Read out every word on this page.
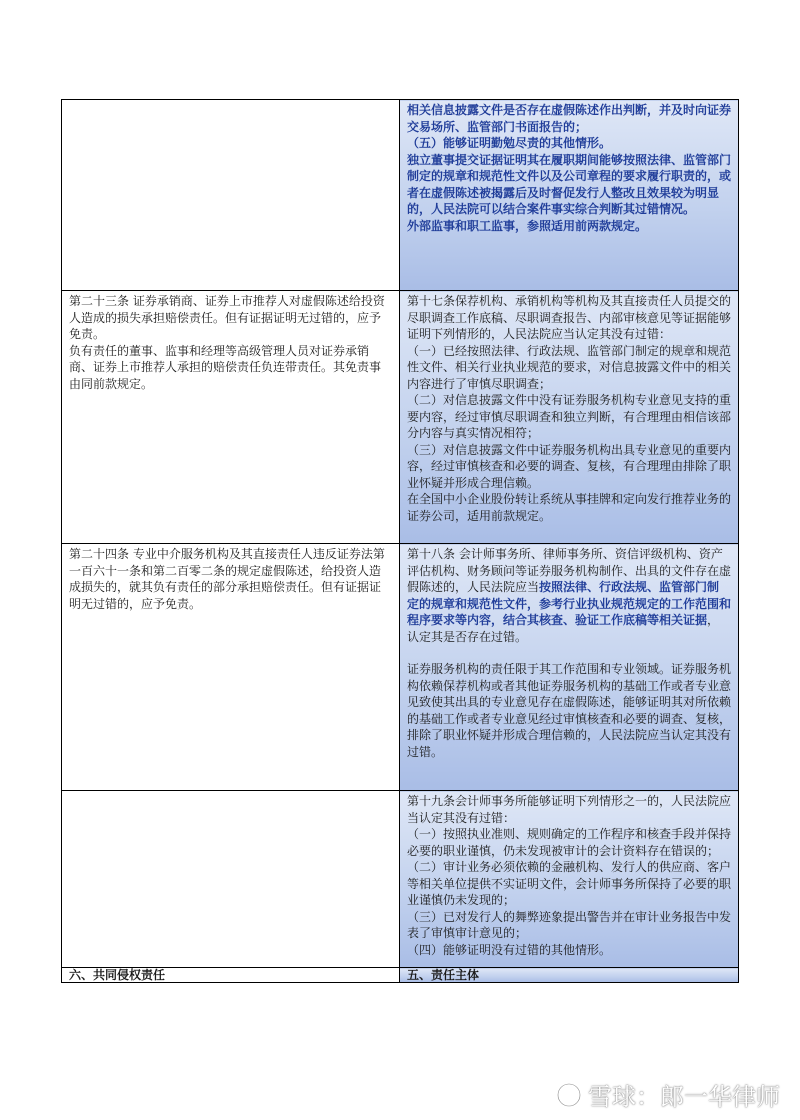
	相关信息披露文件是否存在虚假陈述作出判断，并及时向证券交易场所、监管部门书面报告的；
（五）能够证明勤勉尽责的其他情形。
独立董事提交证据证明其在履职期间能够按照法律、监管部门制定的规章和规范性文件以及公司章程的要求履行职责的，或者在虚假陈述被揭露后及时督促发行人整改且效果较为明显的，人民法院可以结合案件事实综合判断其过错情况。
外部监事和职工监事，参照适用前两款规定。

第二十三条 证券承销商、证券上市推荐人对虚假陈述给投资人造成的损失承担赔偿责任。但有证据证明无过错的，应予免责。
负有责任的董事、监事和经理等高级管理人员对证券承销商、证券上市推荐人承担的赔偿责任负连带责任。其免责事由同前款规定。	第十七条保荐机构、承销机构等机构及其直接责任人员提交的尽职调查工作底稿、尽职调查报告、内部审核意见等证据能够证明下列情形的，人民法院应当认定其没有过错：
（一）已经按照法律、行政法规、监管部门制定的规章和规范性文件、相关行业执业规范的要求，对信息披露文件中的相关内容进行了审慎尽职调查；
（二）对信息披露文件中没有证券服务机构专业意见支持的重要内容，经过审慎尽职调查和独立判断，有合理理由相信该部分内容与真实情况相符；
（三）对信息披露文件中证券服务机构出具专业意见的重要内容，经过审慎核查和必要的调查、复核，有合理理由排除了职业怀疑并形成合理信赖。
在全国中小企业股份转让系统从事挂牌和定向发行推荐业务的证券公司，适用前款规定。

第二十四条 专业中介服务机构及其直接责任人违反证券法第一百六十一条和第二百零二条的规定虚假陈述，给投资人造成损失的，就其负有责任的部分承担赔偿责任。但有证据证明无过错的，应予免责。	第十八条 会计师事务所、律师事务所、资信评级机构、资产评估机构、财务顾问等证券服务机构制作、出具的文件存在虚假陈述的，人民法院应当按照法律、行政法规、监管部门制定的规章和规范性文件，参考行业执业规范规定的工作范围和程序要求等内容，结合其核查、验证工作底稿等相关证据，认定其是否存在过错。
证券服务机构的责任限于其工作范围和专业领域。证券服务机构依赖保荐机构或者其他证券服务机构的基础工作或者专业意见致使其出具的专业意见存在虚假陈述，能够证明其对所依赖的基础工作或者专业意见经过审慎核查和必要的调查、复核，排除了职业怀疑并形成合理信赖的，人民法院应当认定其没有过错。

	第十九条会计师事务所能够证明下列情形之一的，人民法院应当认定其没有过错：
（一）按照执业准则、规则确定的工作程序和核查手段并保持必要的职业谨慎，仍未发现被审计的会计资料存在错误的；
（二）审计业务必须依赖的金融机构、发行人的供应商、客户等相关单位提供不实证明文件，会计师事务所保持了必要的职业谨慎仍未发现的；
（三）已对发行人的舞弊迹象提出警告并在审计业务报告中发表了审慎审计意见的；
（四）能够证明没有过错的其他情形。

六、共同侵权责任	五、责任主体
雪球：郎一华律师
